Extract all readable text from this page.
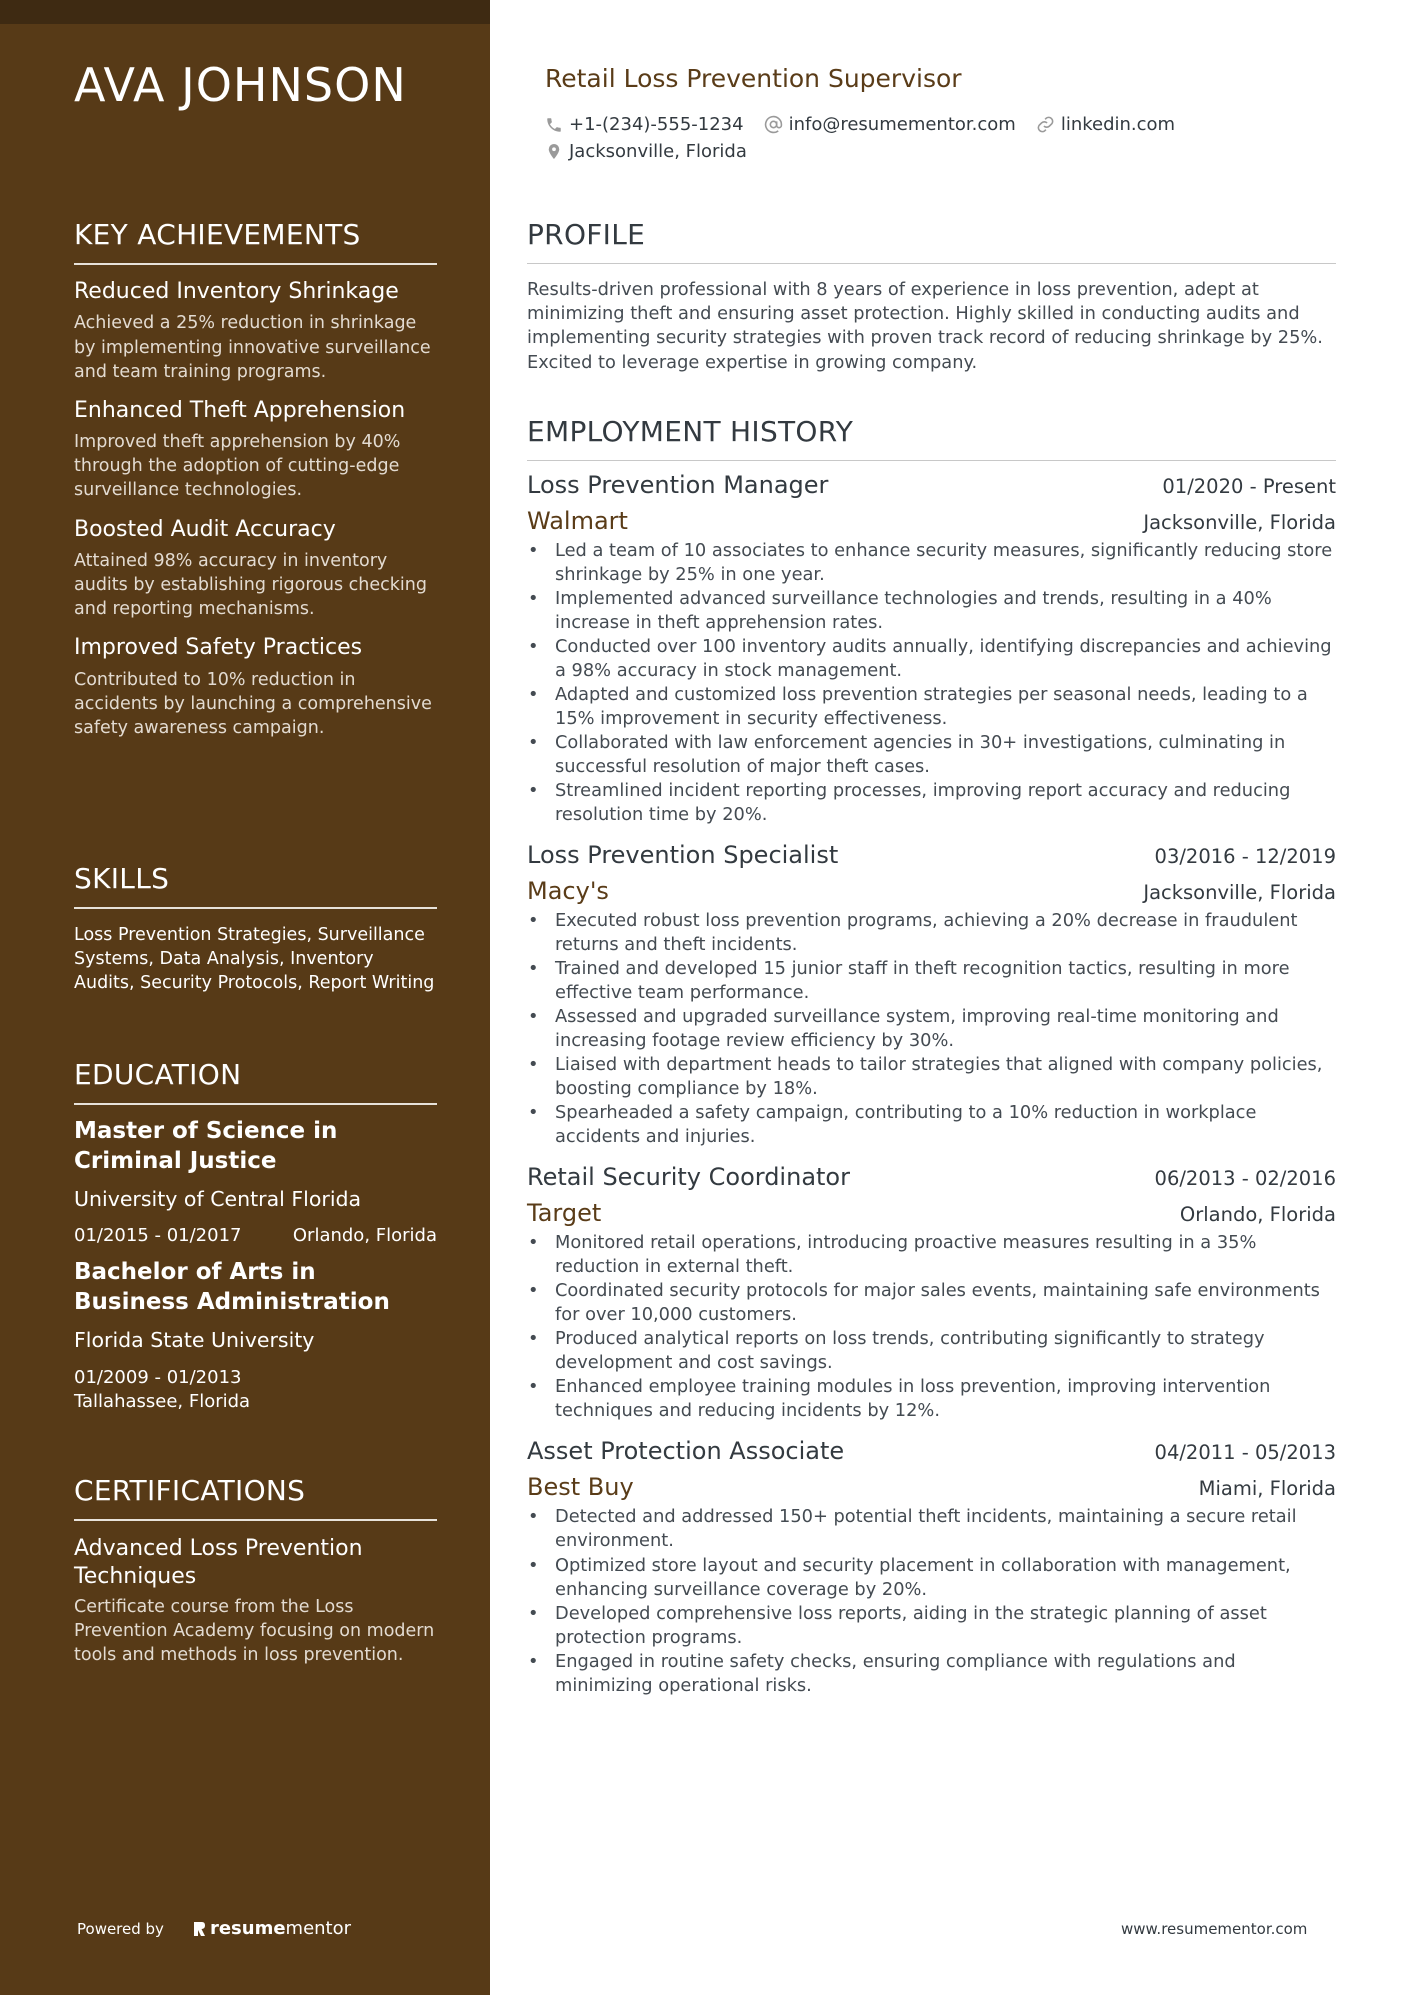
AVA JOHNSON
KEY ACHIEVEMENTS
Reduced Inventory Shrinkage
Achieved a 25% reduction in shrinkage by implementing innovative surveillance and team training programs.
Enhanced Theft Apprehension
Improved theft apprehension by 40% through the adoption of cutting-edge surveillance technologies.
Boosted Audit Accuracy
Attained 98% accuracy in inventory audits by establishing rigorous checking and reporting mechanisms.
Improved Safety Practices
Contributed to 10% reduction in accidents by launching a comprehensive safety awareness campaign.
SKILLS
Loss Prevention Strategies, Surveillance Systems, Data Analysis, Inventory Audits, Security Protocols, Report Writing
EDUCATION
Master of Science in Criminal Justice
University of Central Florida
01/2015 - 01/2017	Orlando, Florida
Bachelor of Arts in Business Administration
Florida State University
01/2009 - 01/2013
Tallahassee, Florida
CERTIFICATIONS
Advanced Loss Prevention Techniques
Certificate course from the Loss Prevention Academy focusing on modern tools and methods in loss prevention.
Powered by	resume mentor
Retail Loss Prevention Supervisor
+1-(234)-555-1234	info@resumementor.com	linkedin.com
Jacksonville, Florida
PROFILE
Results-driven professional with 8 years of experience in loss prevention, adept at minimizing theft and ensuring asset protection. Highly skilled in conducting audits and implementing security strategies with proven track record of reducing shrinkage by 25%. Excited to leverage expertise in growing company.
EMPLOYMENT HISTORY
Loss Prevention Manager	01/2020 - Present
Walmart	Jacksonville, Florida
• Led a team of 10 associates to enhance security measures, significantly reducing store shrinkage by 25% in one year.
• Implemented advanced surveillance technologies and trends, resulting in a 40% increase in theft apprehension rates.
• Conducted over 100 inventory audits annually, identifying discrepancies and achieving a 98% accuracy in stock management.
• Adapted and customized loss prevention strategies per seasonal needs, leading to a 15% improvement in security effectiveness.
• Collaborated with law enforcement agencies in 30+ investigations, culminating in successful resolution of major theft cases.
• Streamlined incident reporting processes, improving report accuracy and reducing resolution time by 20%.
Loss Prevention Specialist	03/2016 - 12/2019
Macy's	Jacksonville, Florida
• Executed robust loss prevention programs, achieving a 20% decrease in fraudulent returns and theft incidents.
• Trained and developed 15 junior staff in theft recognition tactics, resulting in more effective team performance.
• Assessed and upgraded surveillance system, improving real-time monitoring and increasing footage review efficiency by 30%.
• Liaised with department heads to tailor strategies that aligned with company policies, boosting compliance by 18%.
• Spearheaded a safety campaign, contributing to a 10% reduction in workplace accidents and injuries.
Retail Security Coordinator	06/2013 - 02/2016
Target	Orlando, Florida
• Monitored retail operations, introducing proactive measures resulting in a 35% reduction in external theft.
• Coordinated security protocols for major sales events, maintaining safe environments for over 10,000 customers.
• Produced analytical reports on loss trends, contributing significantly to strategy development and cost savings.
• Enhanced employee training modules in loss prevention, improving intervention techniques and reducing incidents by 12%.
Asset Protection Associate	04/2011 - 05/2013
Best Buy	Miami, Florida
• Detected and addressed 150+ potential theft incidents, maintaining a secure retail environment.
• Optimized store layout and security placement in collaboration with management, enhancing surveillance coverage by 20%.
• Developed comprehensive loss reports, aiding in the strategic planning of asset protection programs.
• Engaged in routine safety checks, ensuring compliance with regulations and minimizing operational risks.
www.resumementor.com
